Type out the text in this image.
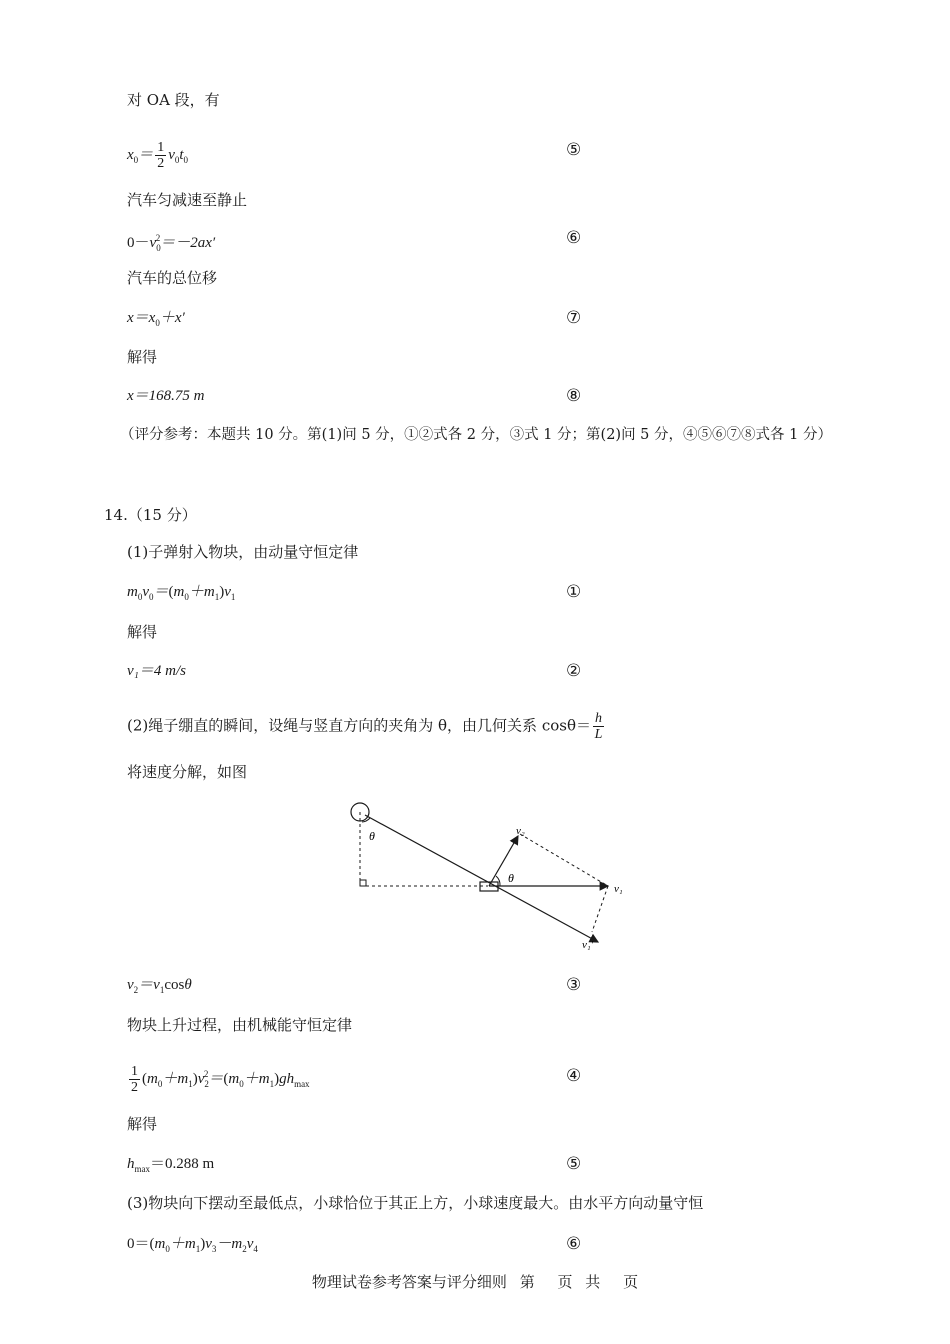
对 OA 段，有
$x_0= \frac{1}{2} v_0t_0$	⑤
汽车匀减速至静止
$0-v_0^2=-2ax'$	⑥
汽车的总位移
$x=x_0+x'$	⑦
解得
x＝168.75 m	⑧
（评分参考：本题共 10 分。第(1)问 5 分，①②式各 2 分，③式 1 分；第(2)问 5 分，④⑤⑥⑦⑧式各 1 分）
14.（15 分）
(1)子弹射入物块，由动量守恒定律
$m_0v_0=(m_0+m_1)v_1$	①
解得
v₁＝4 m/s	②
(2)绳子绷直的瞬间，设绳与竖直方向的夹角为 θ，由几何关系 $\cos\theta= \frac{h}{L}$
将速度分解，如图
θ
θ
v₁
v₂
v₁′
$v_2=v_1\cos\theta$	③
物块上升过程，由机械能守恒定律
$\frac{1}{2} (m_0+m_1)v_2^2=(m_0+m_1)gh_{max}$	④
解得
$h_{max}=0.288$ m	⑤
(3)物块向下摆动至最低点，小球恰位于其正上方，小球速度最大。由水平方向动量守恒
$0=(m_0+m_1)v_3-m_2v_4$	⑥
物理试卷参考答案与评分细则 第 页 共 页
